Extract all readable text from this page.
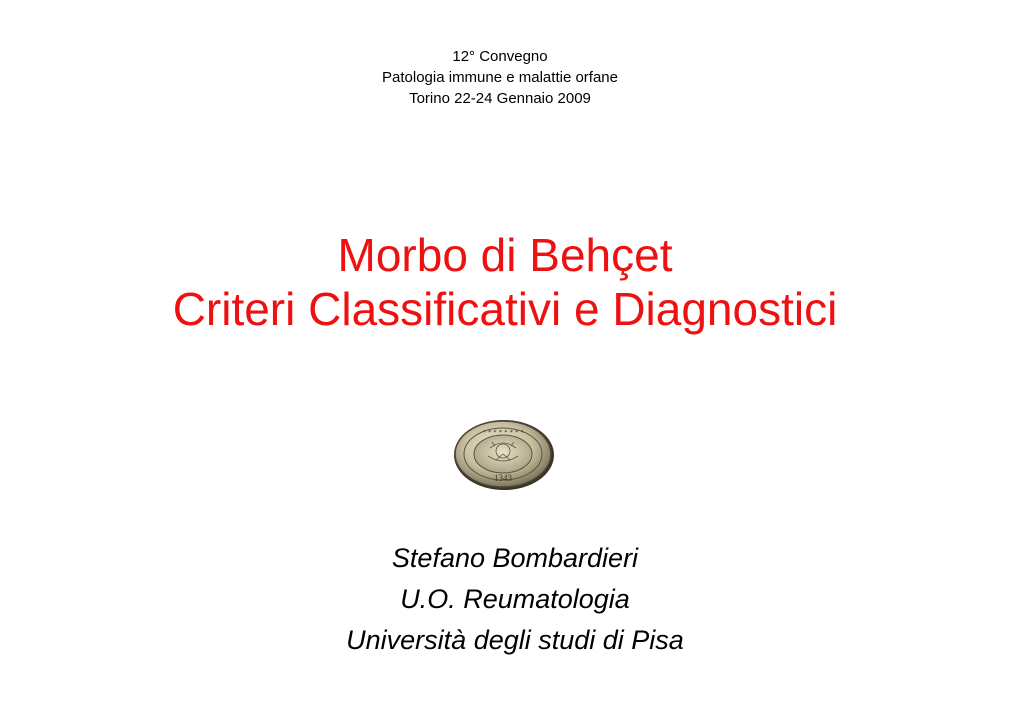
12° Convegno
Patologia immune e malattie orfane
Torino 22-24 Gennaio 2009
Morbo di Behçet
Criteri Classificativi e Diagnostici
✶ ✶ ✶ ✶ ✶ ✶ ✶ ✶
1343
Stefano Bombardieri
U.O. Reumatologia
Università degli studi di Pisa
